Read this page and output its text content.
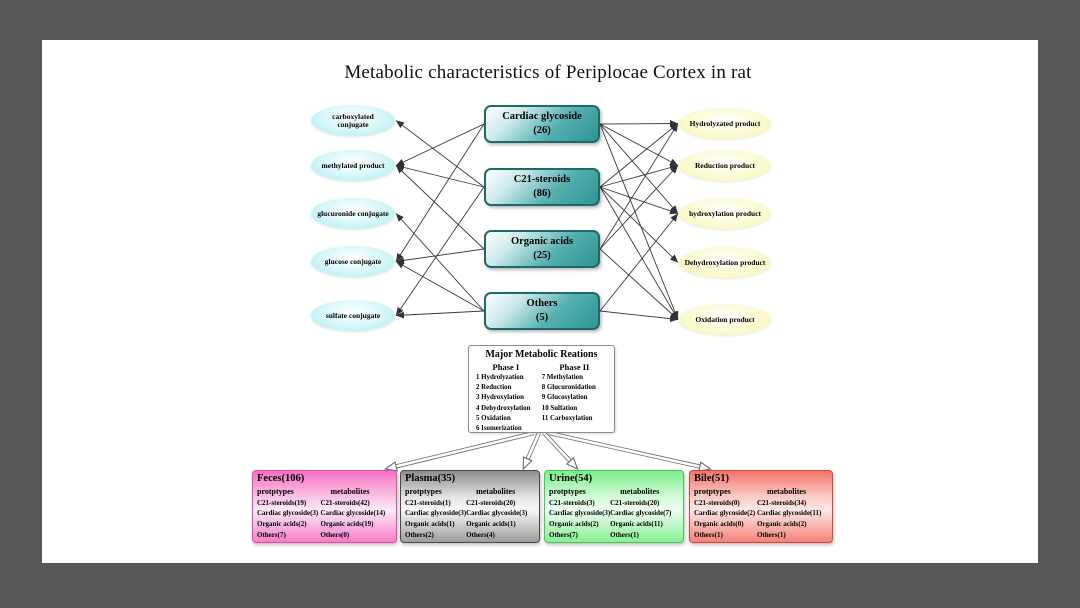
Metabolic characteristics of Periplocae Cortex in rat
carboxylated conjugate
methylated product
glucuronide conjugate
glucose conjugate
sulfate conjugate
Cardiac glycoside
(26)
C21-steroids
(86)
Organic acids
(25)
Others
(5)
Hydrolyzated product
Reduction product
hydroxylation product
Dehydroxylation product
Oxidation product
Major Metabolic Reations
Phase I	Phase II
1 Hydrolyzation
2 Reduction
3 Hydroxylation
4 Dehydroxylation
5 Oxidation
6 Isomerization
7 Methylation
8 Glucuronidation
9 Glucosylation
10 Sulfation
11 Carboxylation
Feces(106)
protptypes	metabolites
C21-steroids(19)	C21-steroids(42)
Cardiac glycoside(3) Cardiac glycoside(14)
Organic acids(2)	Organic acids(19)
Others(7)	Others(0)
Plasma(35)
protptypes	metabolites
C21-steroids(1)	C21-steroids(20)
Cardiac glycoside(3) Cardiac glycoside(3)
Organic acids(1)	Organic acids(1)
Others(2)	Others(4)
Urine(54)
protptypes	metabolites
C21-steroids(3)	C21-steroids(20)
Cardiac glycoside(3) Cardiac glycoside(7)
Organic acids(2)	Organic acids(11)
Others(7)	Others(1)
Bile(51)
protptypes	metabolites
C21-steroids(0)	C21-steroids(34)
Cardiac glycoside(2) Cardiac glycoside(11)
Organic acids(0)	Organic acids(2)
Others(1)	Others(1)
